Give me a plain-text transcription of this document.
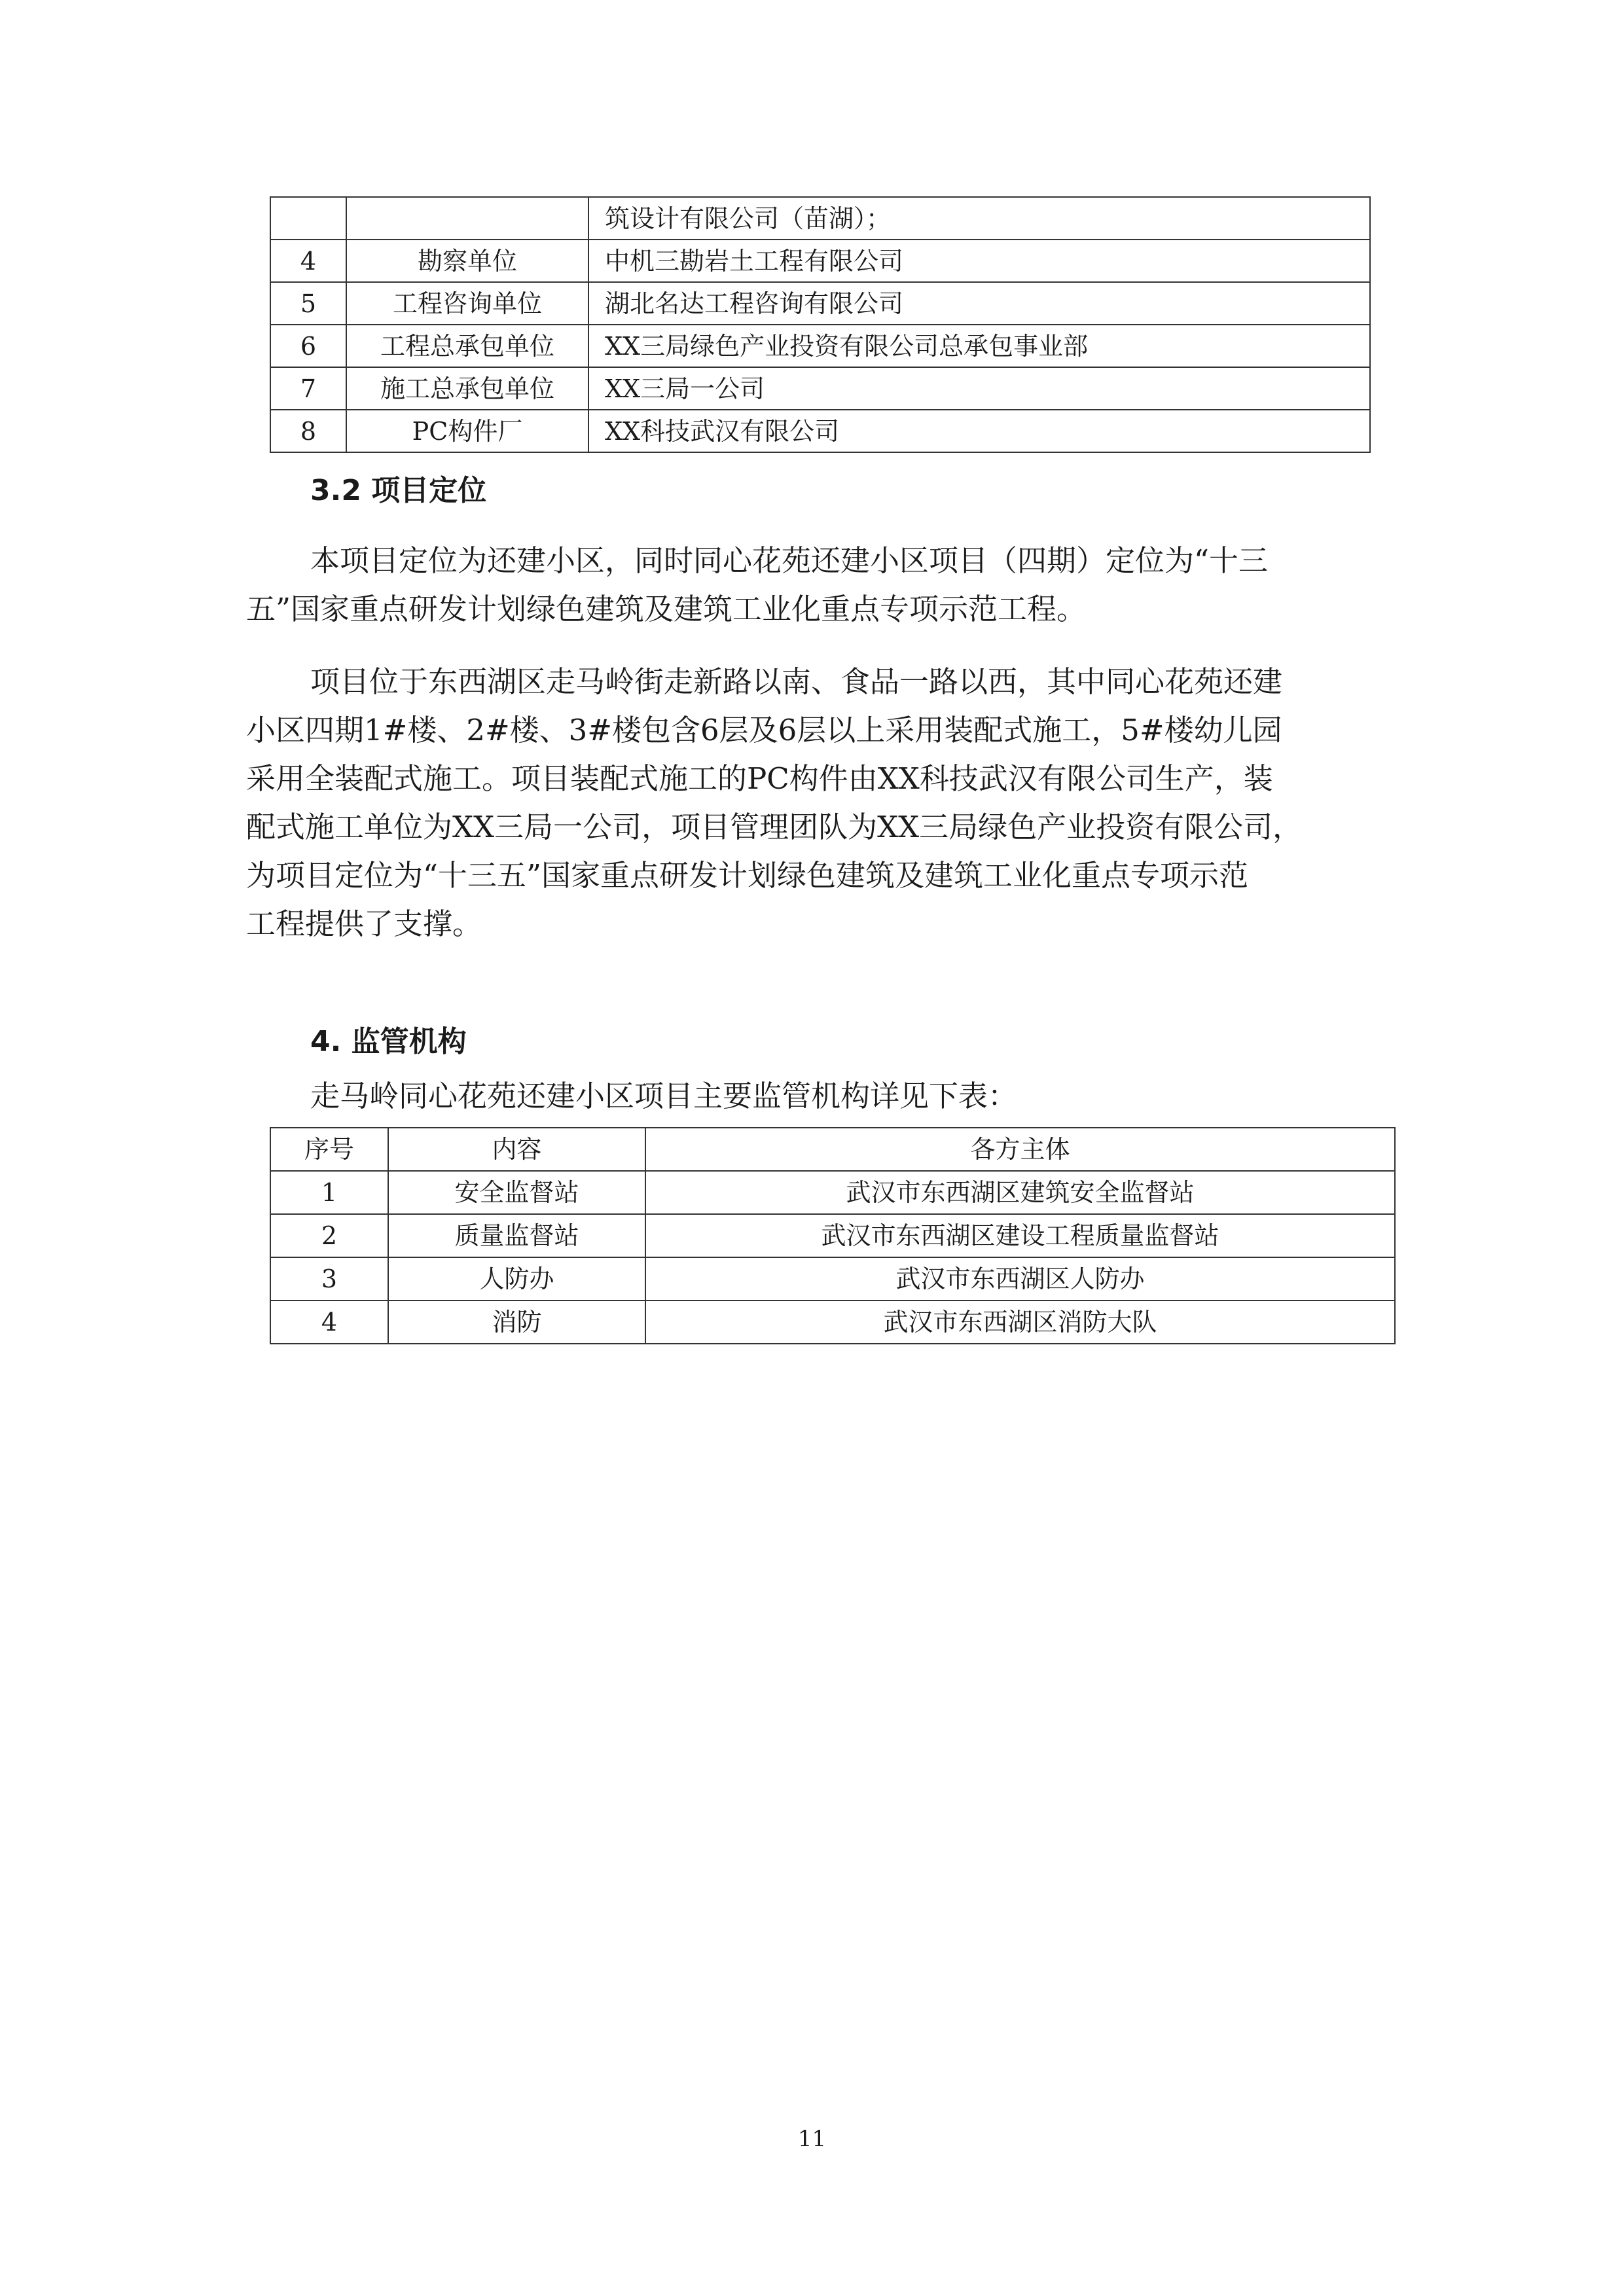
		筑设计有限公司（苗湖）；
4	勘察单位	中机三勘岩土工程有限公司
5	工程咨询单位	湖北名达工程咨询有限公司
6	工程总承包单位	XX三局绿色产业投资有限公司总承包事业部
7	施工总承包单位	XX三局一公司
8	PC构件厂	XX科技武汉有限公司
3.2 项目定位
本项目定位为还建小区，同时同心花苑还建小区项目（四期）定位为“十三
五”国家重点研发计划绿色建筑及建筑工业化重点专项示范工程。
项目位于东西湖区走马岭街走新路以南、食品一路以西，其中同心花苑还建
小区四期1#楼、2#楼、3#楼包含6层及6层以上采用装配式施工，5#楼幼儿园
采用全装配式施工。项目装配式施工的PC构件由XX科技武汉有限公司生产，装
配式施工单位为XX三局一公司，项目管理团队为XX三局绿色产业投资有限公司，
为项目定位为“十三五”国家重点研发计划绿色建筑及建筑工业化重点专项示范
工程提供了支撑。
4. 监管机构
走马岭同心花苑还建小区项目主要监管机构详见下表：
序号	内容	各方主体
1	安全监督站	武汉市东西湖区建筑安全监督站
2	质量监督站	武汉市东西湖区建设工程质量监督站
3	人防办	武汉市东西湖区人防办
4	消防	武汉市东西湖区消防大队
11
